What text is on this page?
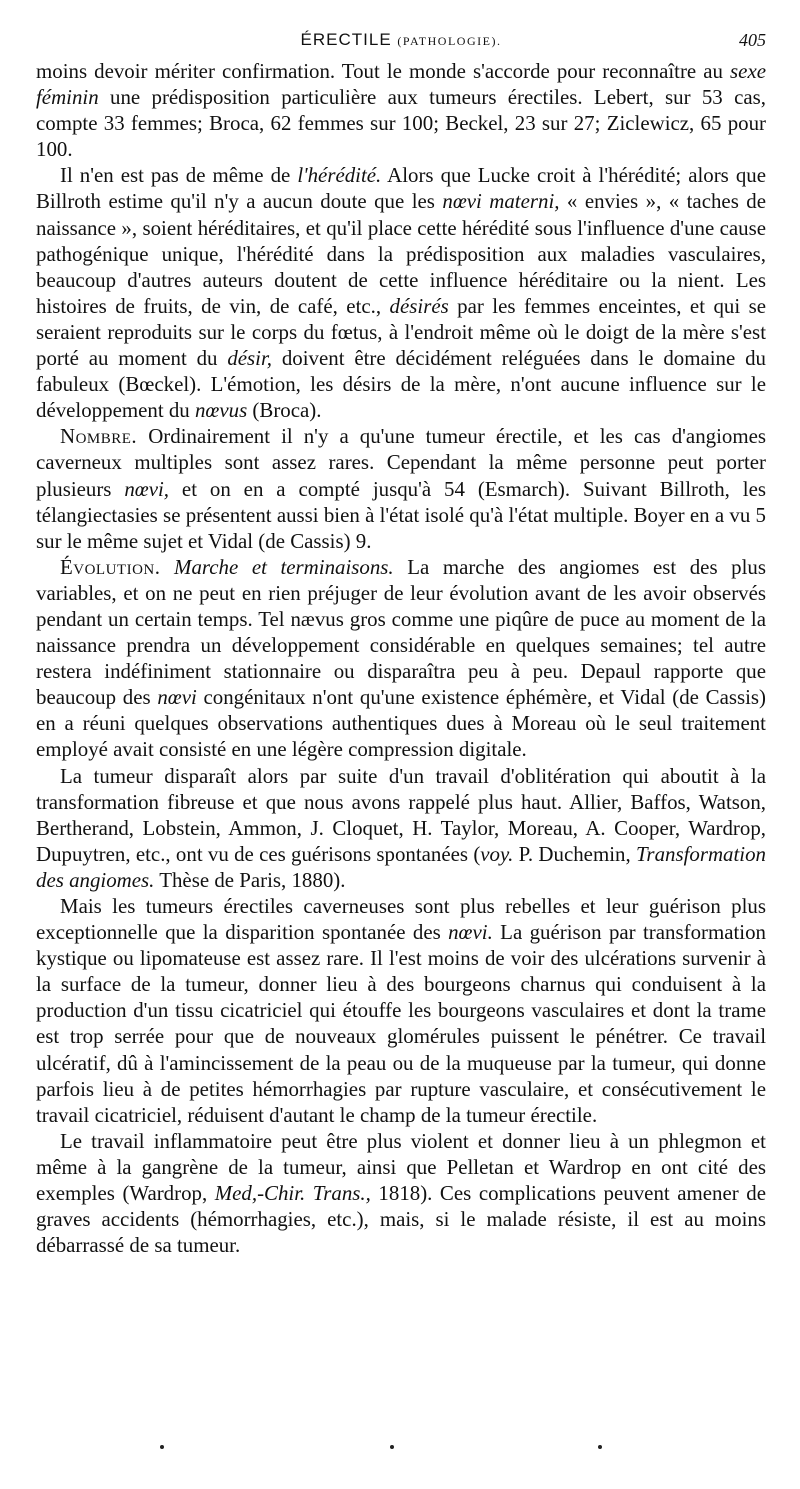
ÉRECTILE (PATHOLOGIE).	405

moins devoir mériter confirmation. Tout le monde s'accorde pour reconnaître au sexe féminin une prédisposition particulière aux tumeurs érectiles. Lebert, sur 53 cas, compte 33 femmes; Broca, 62 femmes sur 100; Beckel, 23 sur 27; Ziclewicz, 65 pour 100.

Il n'en est pas de même de l'hérédité. Alors que Lucke croit à l'hérédité; alors que Billroth estime qu'il n'y a aucun doute que les nœvi materni, « envies », « taches de naissance », soient héréditaires, et qu'il place cette hérédité sous l'influence d'une cause pathogénique unique, l'hérédité dans la prédisposition aux maladies vasculaires, beaucoup d'autres auteurs doutent de cette influence héréditaire ou la nient. Les histoires de fruits, de vin, de café, etc., désirés par les femmes enceintes, et qui se seraient reproduits sur le corps du fœtus, à l'endroit même où le doigt de la mère s'est porté au moment du désir, doivent être décidément reléguées dans le domaine du fabuleux (Bœckel). L'émotion, les désirs de la mère, n'ont aucune influence sur le développement du nœvus (Broca).

Nombre. Ordinairement il n'y a qu'une tumeur érectile, et les cas d'angiomes caverneux multiples sont assez rares. Cependant la même personne peut porter plusieurs nœvi, et on en a compté jusqu'à 54 (Esmarch). Suivant Billroth, les télangiectasies se présentent aussi bien à l'état isolé qu'à l'état multiple. Boyer en a vu 5 sur le même sujet et Vidal (de Cassis) 9.

Évolution. Marche et terminaisons. La marche des angiomes est des plus variables, et on ne peut en rien préjuger de leur évolution avant de les avoir observés pendant un certain temps. Tel nævus gros comme une piqûre de puce au moment de la naissance prendra un développement considérable en quelques semaines; tel autre restera indéfiniment stationnaire ou disparaîtra peu à peu. Depaul rapporte que beaucoup des nœvi congénitaux n'ont qu'une existence éphémère, et Vidal (de Cassis) en a réuni quelques observations authentiques dues à Moreau où le seul traitement employé avait consisté en une légère compression digitale.

La tumeur disparaît alors par suite d'un travail d'oblitération qui aboutit à la transformation fibreuse et que nous avons rappelé plus haut. Allier, Baffos, Watson, Bertherand, Lobstein, Ammon, J. Cloquet, H. Taylor, Moreau, A. Cooper, Wardrop, Dupuytren, etc., ont vu de ces guérisons spontanées (voy. P. Duchemin, Transformation des angiomes. Thèse de Paris, 1880).

Mais les tumeurs érectiles caverneuses sont plus rebelles et leur guérison plus exceptionnelle que la disparition spontanée des nœvi. La guérison par transformation kystique ou lipomateuse est assez rare. Il l'est moins de voir des ulcérations survenir à la surface de la tumeur, donner lieu à des bourgeons charnus qui conduisent à la production d'un tissu cicatriciel qui étouffe les bourgeons vasculaires et dont la trame est trop serrée pour que de nouveaux glomérules puissent le pénétrer. Ce travail ulcératif, dû à l'amincissement de la peau ou de la muqueuse par la tumeur, qui donne parfois lieu à de petites hémorrhagies par rupture vasculaire, et consécutivement le travail cicatriciel, réduisent d'autant le champ de la tumeur érectile.

Le travail inflammatoire peut être plus violent et donner lieu à un phlegmon et même à la gangrène de la tumeur, ainsi que Pelletan et Wardrop en ont cité des exemples (Wardrop, Med,-Chir. Trans., 1818). Ces complications peuvent amener de graves accidents (hémorrhagies, etc.), mais, si le malade résiste, il est au moins débarrassé de sa tumeur.
